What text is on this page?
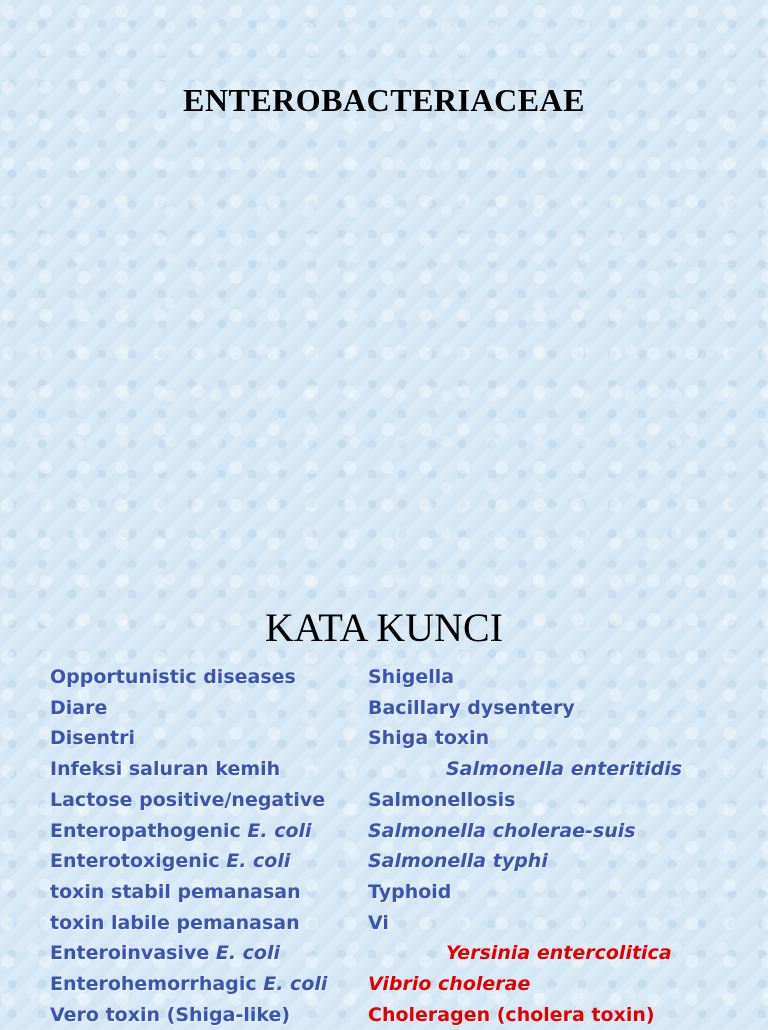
ENTEROBACTERIACEAE
KATA KUNCI
Opportunistic diseases
Diare
Disentri
Infeksi saluran kemih
Lactose positive/negative
Enteropathogenic E. coli
Enterotoxigenic E. coli
toxin stabil pemanasan
toxin labile pemanasan
Enteroinvasive E. coli
Enterohemorrhagic E. coli
Vero toxin (Shiga-like)
Shigella
Bacillary dysentery
Shiga toxin
Salmonella enteritidis
Salmonellosis
Salmonella cholerae-suis
Salmonella typhi
Typhoid
Vi
Yersinia entercolitica
Vibrio cholerae
Choleragen (cholera toxin)
